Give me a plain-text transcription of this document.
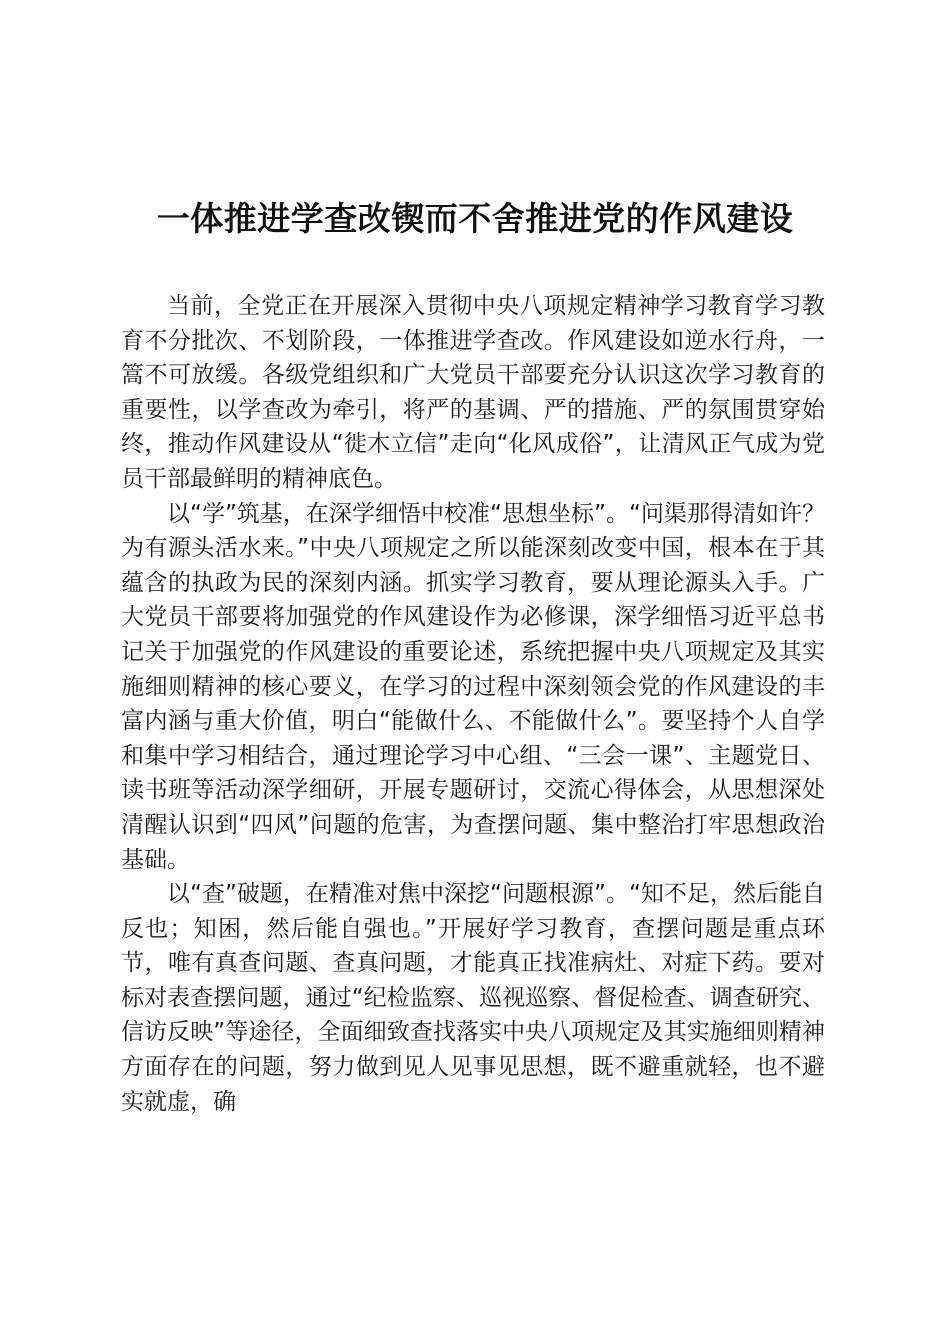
一体推进学查改锲而不舍推进党的作风建设

当前，全党正在开展深入贯彻中央八项规定精神学习教育学习教育不分批次、不划阶段，一体推进学查改。作风建设如逆水行舟，一篙不可放缓。各级党组织和广大党员干部要充分认识这次学习教育的重要性，以学查改为牵引，将严的基调、严的措施、严的氛围贯穿始终，推动作风建设从“徙木立信”走向“化风成俗”，让清风正气成为党员干部最鲜明的精神底色。

以“学”筑基，在深学细悟中校准“思想坐标”。“问渠那得清如许？为有源头活水来。”中央八项规定之所以能深刻改变中国，根本在于其蕴含的执政为民的深刻内涵。抓实学习教育，要从理论源头入手。广大党员干部要将加强党的作风建设作为必修课，深学细悟习近平总书记关于加强党的作风建设的重要论述，系统把握中央八项规定及其实施细则精神的核心要义，在学习的过程中深刻领会党的作风建设的丰富内涵与重大价值，明白“能做什么、不能做什么”。要坚持个人自学和集中学习相结合，通过理论学习中心组、“三会一课”、主题党日、读书班等活动深学细研，开展专题研讨，交流心得体会，从思想深处清醒认识到“四风”问题的危害，为查摆问题、集中整治打牢思想政治基础。

以“查”破题，在精准对焦中深挖“问题根源”。“知不足，然后能自反也；知困，然后能自强也。”开展好学习教育，查摆问题是重点环节，唯有真查问题、查真问题，才能真正找准病灶、对症下药。要对标对表查摆问题，通过“纪检监察、巡视巡察、督促检查、调查研究、信访反映”等途径，全面细致查找落实中央八项规定及其实施细则精神方面存在的问题，努力做到见人见事见思想，既不避重就轻，也不避实就虚，确
